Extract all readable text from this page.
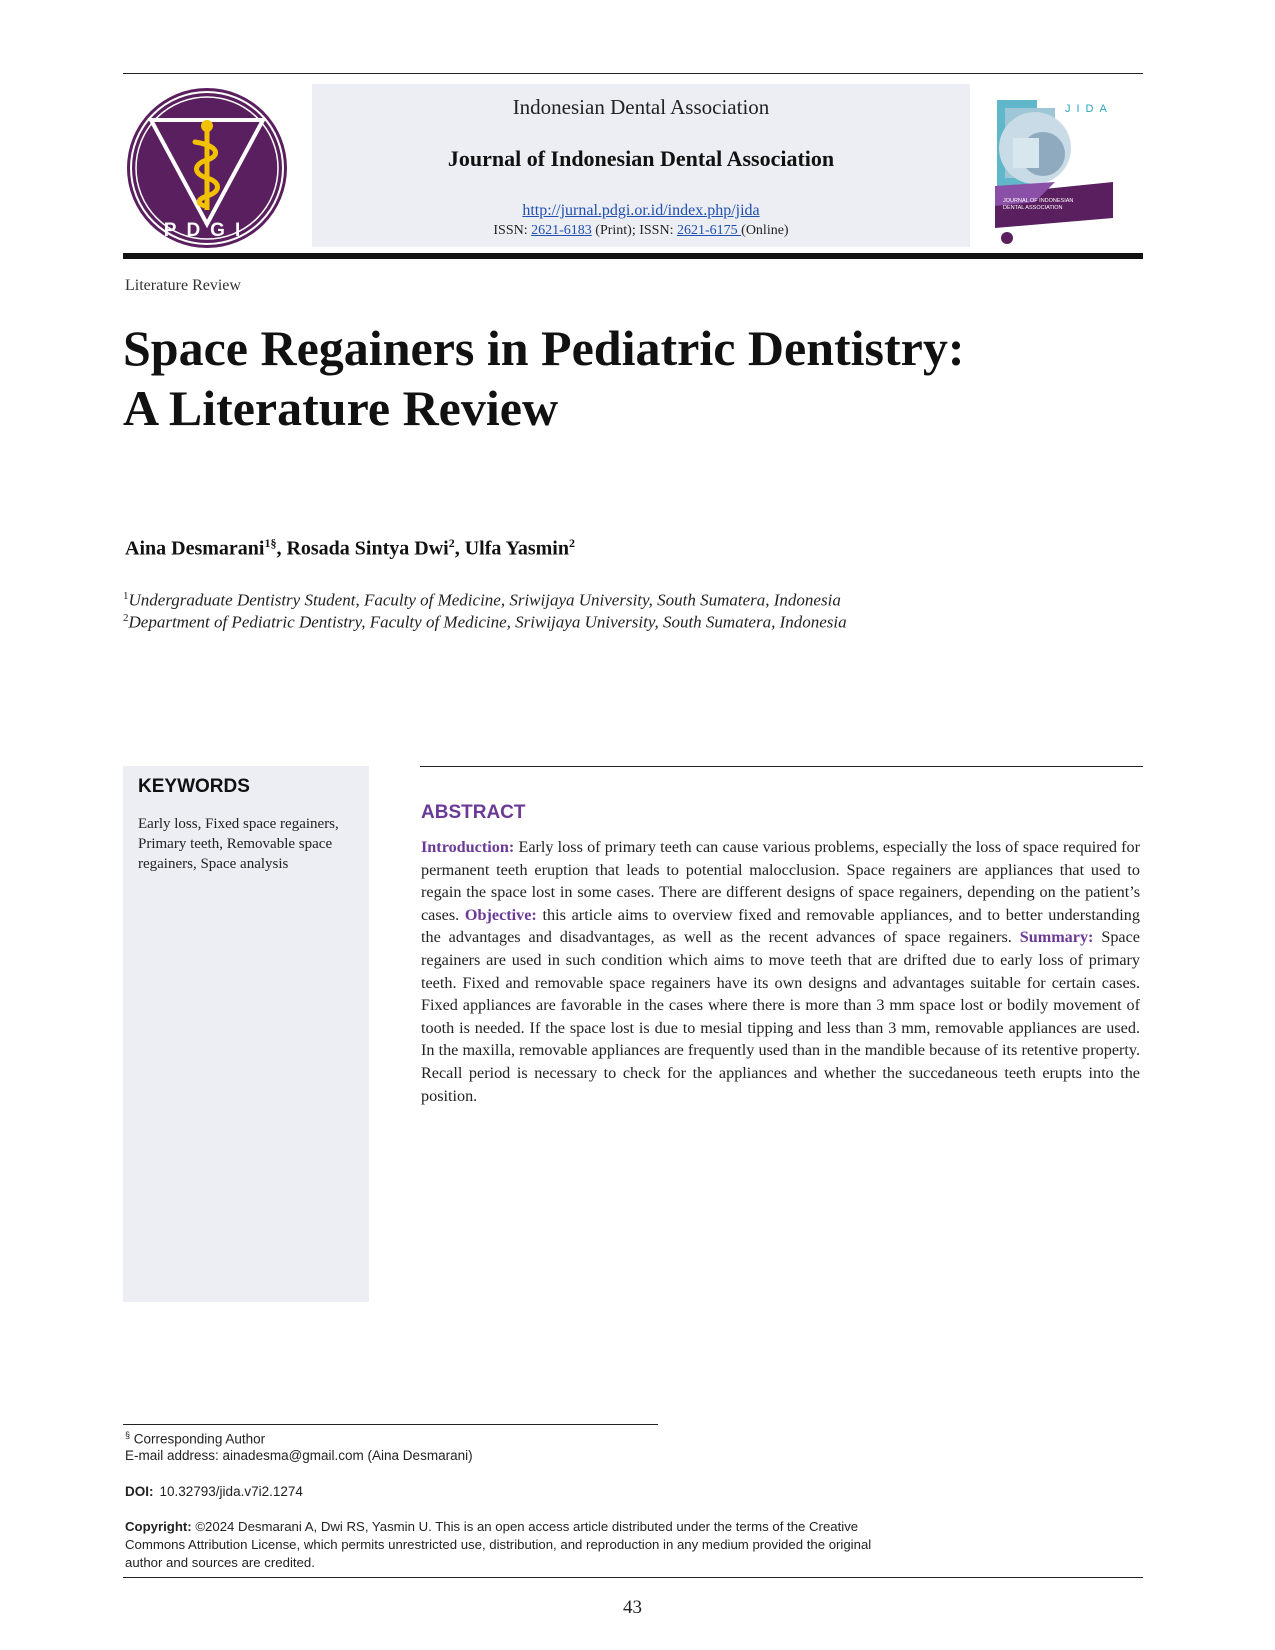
PDGI
Indonesian Dental Association
Journal of Indonesian Dental Association
http://jurnal.pdgi.or.id/index.php/jida
ISSN: 2621-6183 (Print); ISSN: 2621-6175 (Online)
JIDA
JOURNAL OF INDONESIAN
DENTAL ASSOCIATION
Literature Review
Space Regainers in Pediatric Dentistry:
A Literature Review
Aina Desmarani$^{1\S}$, Rosada Sintya Dwi$^2$, Ulfa Yasmin$^2$
$^1$Undergraduate Dentistry Student, Faculty of Medicine, Sriwijaya University, South Sumatera, Indonesia
$^2$Department of Pediatric Dentistry, Faculty of Medicine, Sriwijaya University, South Sumatera, Indonesia
KEYWORDS
Early loss, Fixed space regainers, Primary teeth, Removable space regainers, Space analysis
ABSTRACT
Introduction: Early loss of primary teeth can cause various problems, especially the loss of space required for permanent teeth eruption that leads to potential malocclusion. Space regainers are appliances that used to regain the space lost in some cases. There are different designs of space regainers, depending on the patient’s cases. Objective: this article aims to overview fixed and removable appliances, and to better understanding the advantages and disadvantages, as well as the recent advances of space regainers. Summary: Space regainers are used in such condition which aims to move teeth that are drifted due to early loss of primary teeth. Fixed and removable space regainers have its own designs and advantages suitable for certain cases. Fixed appliances are favorable in the cases where there is more than 3 mm space lost or bodily movement of tooth is needed. If the space lost is due to mesial tipping and less than 3 mm, removable appliances are used. In the maxilla, removable appliances are frequently used than in the mandible because of its retentive property. Recall period is necessary to check for the appliances and whether the succedaneous teeth erupts into the position.
§ Corresponding Author
E-mail address: ainadesma@gmail.com (Aina Desmarani)
DOI: 10.32793/jida.v7i2.1274
Copyright: ©2024 Desmarani A, Dwi RS, Yasmin U. This is an open access article distributed under the terms of the Creative Commons Attribution License, which permits unrestricted use, distribution, and reproduction in any medium provided the original author and sources are credited.
43
